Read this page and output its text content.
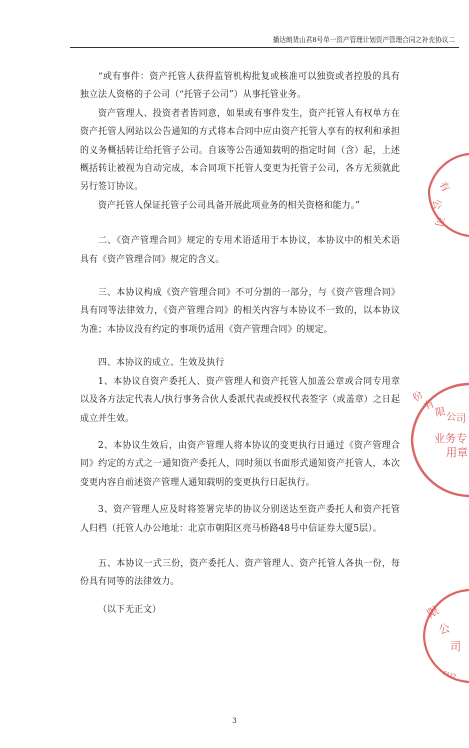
播达朗货山君8号单一资产管理计划资产管理合同之补充协议二

“或有事件：资产托管人获得监管机构批复或核准可以独资或者控股的具有独立法人资格的子公司（“托管子公司”）从事托管业务。

资产管理人、投资者者皆同意，如果或有事件发生，资产托管人有权单方在资产托管人网站以公告通知的方式将本合同中应由资产托管人享有的权利和承担的义务概括转让给托管子公司。自该等公告通知载明的指定时间（含）起，上述概括转让被视为自动完成，本合同项下托管人变更为托管子公司，各方无须就此另行签订协议。

资产托管人保证托管子公司具备开展此项业务的相关资格和能力。”

二、《资产管理合同》规定的专用术语适用于本协议，本协议中的相关术语具有《资产管理合同》规定的含义。

三、本协议构成《资产管理合同》不可分割的一部分，与《资产管理合同》具有同等法律效力，《资产管理合同》的相关内容与本协议不一致的，以本协议为准；本协议没有约定的事项仍适用《资产管理合同》的规定。

四、本协议的成立、生效及执行

1、本协议自资产委托人、资产管理人和资产托管人加盖公章或合同专用章以及各方法定代表人/执行事务合伙人委派代表或授权代表签字（或盖章）之日起成立并生效。

2、本协议生效后，由资产管理人将本协议的变更执行日通过《资产管理合同》约定的方式之一通知资产委托人，同时须以书面形式通知资产托管人，本次变更内容自前述资产管理人通知载明的变更执行日起执行。

3、资产管理人应及时将签署完毕的协议分别送达至资产委托人和资产托管人归档（托管人办公地址：北京市朝阳区亮马桥路48号中信证券大厦5层）。

五、本协议一式三份，资产委托人、资产管理人、资产托管人各执一份，每份具有同等的法律效力。

（以下无正文）

3
有
公
司
份
有
限 公 司
业务专
用章
限
公
司
4337
